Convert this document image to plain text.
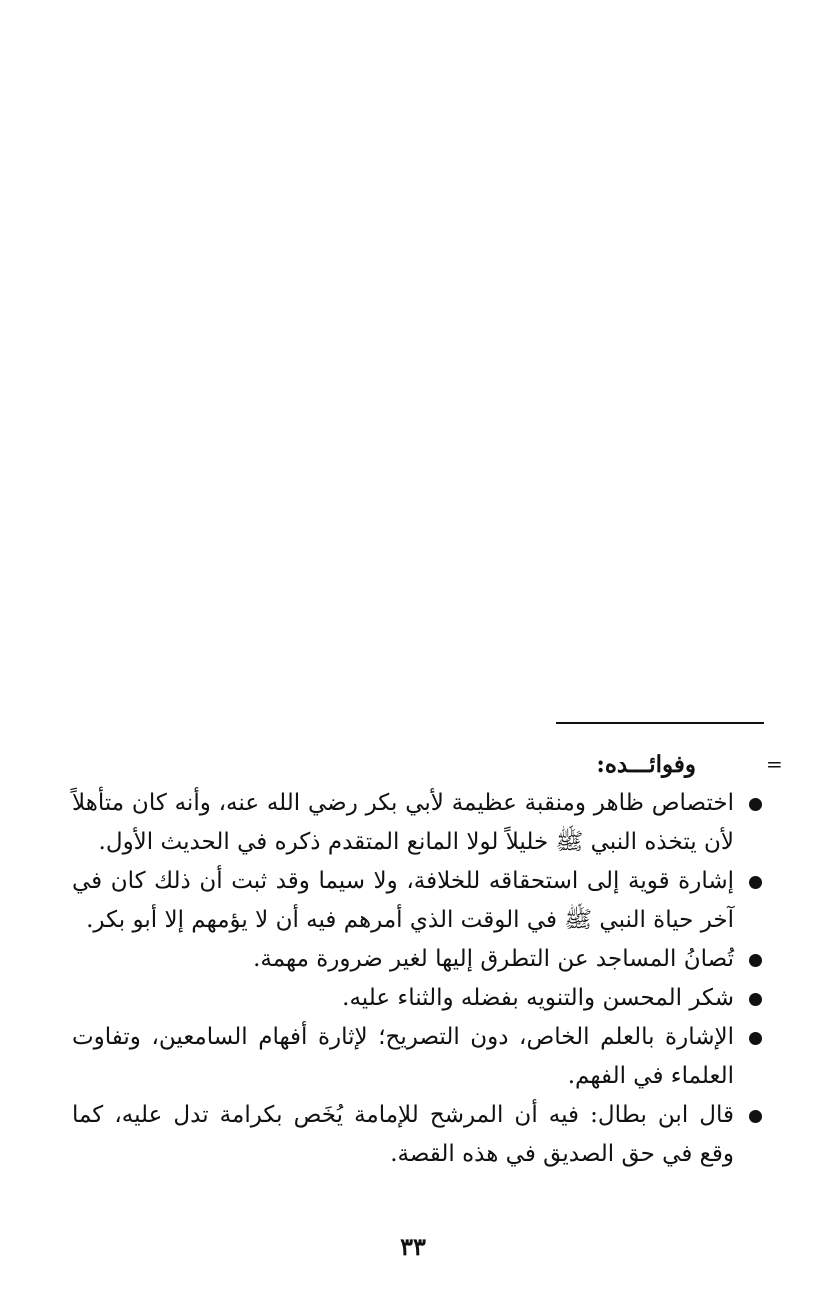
=

وفوائـــده:

اختصاص ظاهر ومنقبة عظيمة لأبي بكر رضي الله عنه، وأنه كان متأهلاً لأن يتخذه النبي ﷺ خليلاً لولا المانع المتقدم ذكره في الحديث الأول.
إشارة قوية إلى استحقاقه للخلافة، ولا سيما وقد ثبت أن ذلك كان في آخر حياة النبي ﷺ في الوقت الذي أمرهم فيه أن لا يؤمهم إلا أبو بكر.
تُصانُ المساجد عن التطرق إليها لغير ضرورة مهمة.
شكر المحسن والتنويه بفضله والثناء عليه.
الإشارة بالعلم الخاص، دون التصريح؛ لإثارة أفهام السامعين، وتفاوت العلماء في الفهم.
قال ابن بطال: فيه أن المرشح للإمامة يُخَص بكرامة تدل عليه، كما وقع في حق الصديق في هذه القصة.
٣٣
